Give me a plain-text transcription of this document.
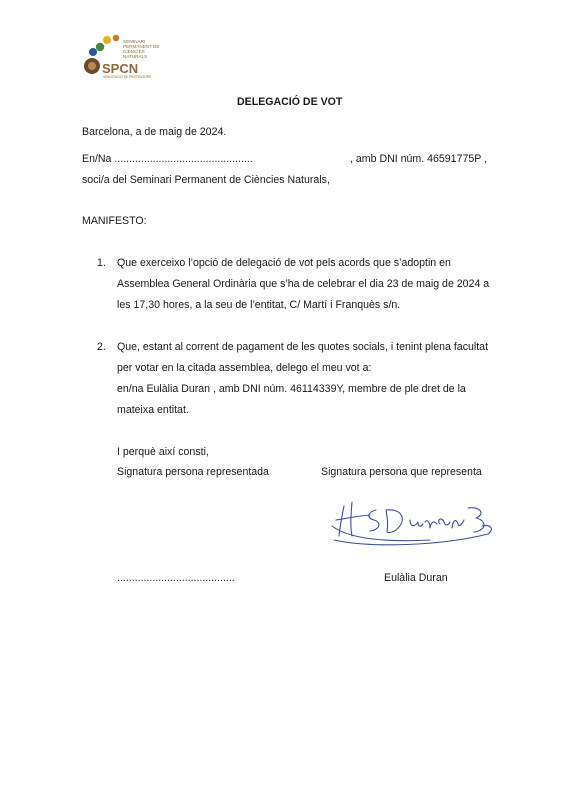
SEMINARI
PERMANENT DE
CIÈNCIES
NATURALS
SPCN
ASSOCIACIÓ DE PROFESSORS
DELEGACIÓ DE VOT
Barcelona, a de maig de 2024.
En/Na ...............................................	, amb DNI núm. 46591775P ,
soci/a del Seminari Permanent de Ciències Naturals,
MANIFESTO:
1. Que exerceixo l’opció de delegació de vot pels acords que s’adoptin en
Assemblea General Ordinària que s’ha de celebrar el dia 23 de maig de 2024 a
les 17,30 hores, a la seu de l’entitat, C/ Martí i Franquès s/n.
2. Que, estant al corrent de pagament de les quotes socials, i tenint plena facultat
per votar en la citada assemblea, delego el meu vot a:
en/na Eulàlia Duran , amb DNI núm. 46114339Y, membre de ple dret de la
mateixa entitat.
I perquè així consti,
Signatura persona representada	Signatura persona que representa
........................................	Eulàlia Duran
